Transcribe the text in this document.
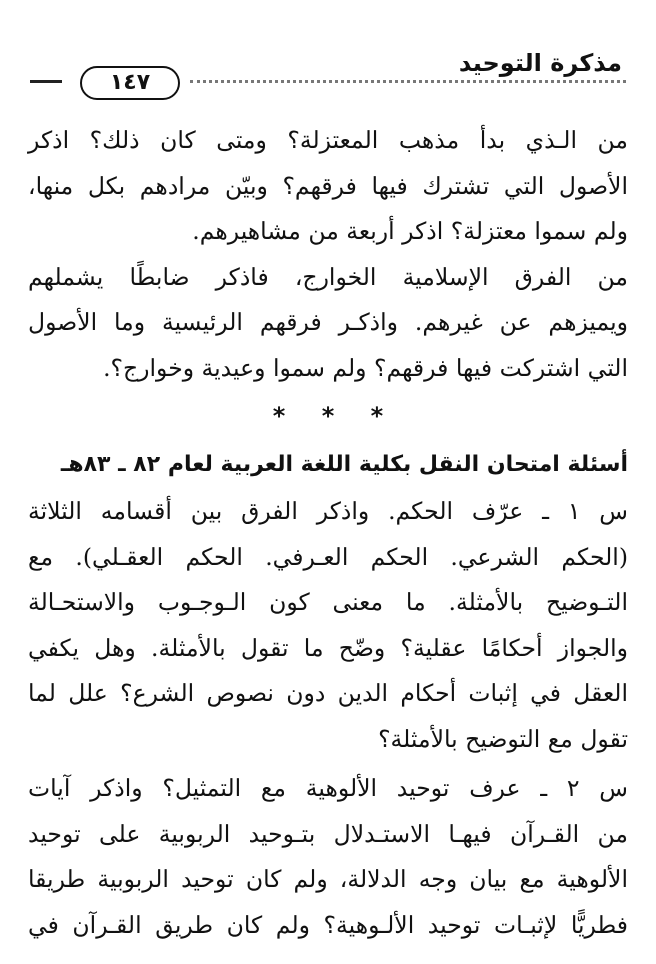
مذكرة التوحيد
١٤٧
من الـذي بدأ مذهب المعتزلة؟ ومتى كان ذلك؟ اذكر
الأصول التي تشترك فيها فرقهم؟ وبيّن مرادهم بكل منها،
ولم سموا معتزلة؟ اذكر أربعة من مشاهيرهم.
من الفرق الإسلامية الخوارج، فاذكر ضابطًا يشملهم
ويميزهم عن غيرهم. واذكـر فرقهم الرئيسية وما الأصول
التي اشتركت فيها فرقهم؟ ولم سموا وعيدية وخوارج؟.
* * *
أسئلة امتحان النقل بكلية اللغة العربية لعام ٨٢ ـ ٨٣هـ
س ١ ـ عرّف الحكم. واذكر الفرق بين أقسامه الثلاثة
(الحكم الشرعي. الحكم العـرفي. الحكم العقـلي). مع
التـوضيح بالأمثلة. ما معنى كون الـوجـوب والاستحـالة
والجواز أحكامًا عقلية؟ وضّح ما تقول بالأمثلة. وهل يكفي
العقل في إثبات أحكام الدين دون نصوص الشرع؟ علل لما
تقول مع التوضيح بالأمثلة؟
س ٢ ـ عرف توحيد الألوهية مع التمثيل؟ واذكر آيات
من القـرآن فيهـا الاستـدلال بتـوحيد الربوبية على توحيد
الألوهية مع بيان وجه الدلالة، ولم كان توحيد الربوبية طريقا
فطريًّا لإثبـات توحيد الألـوهية؟ ولم كان طريق القـرآن في
